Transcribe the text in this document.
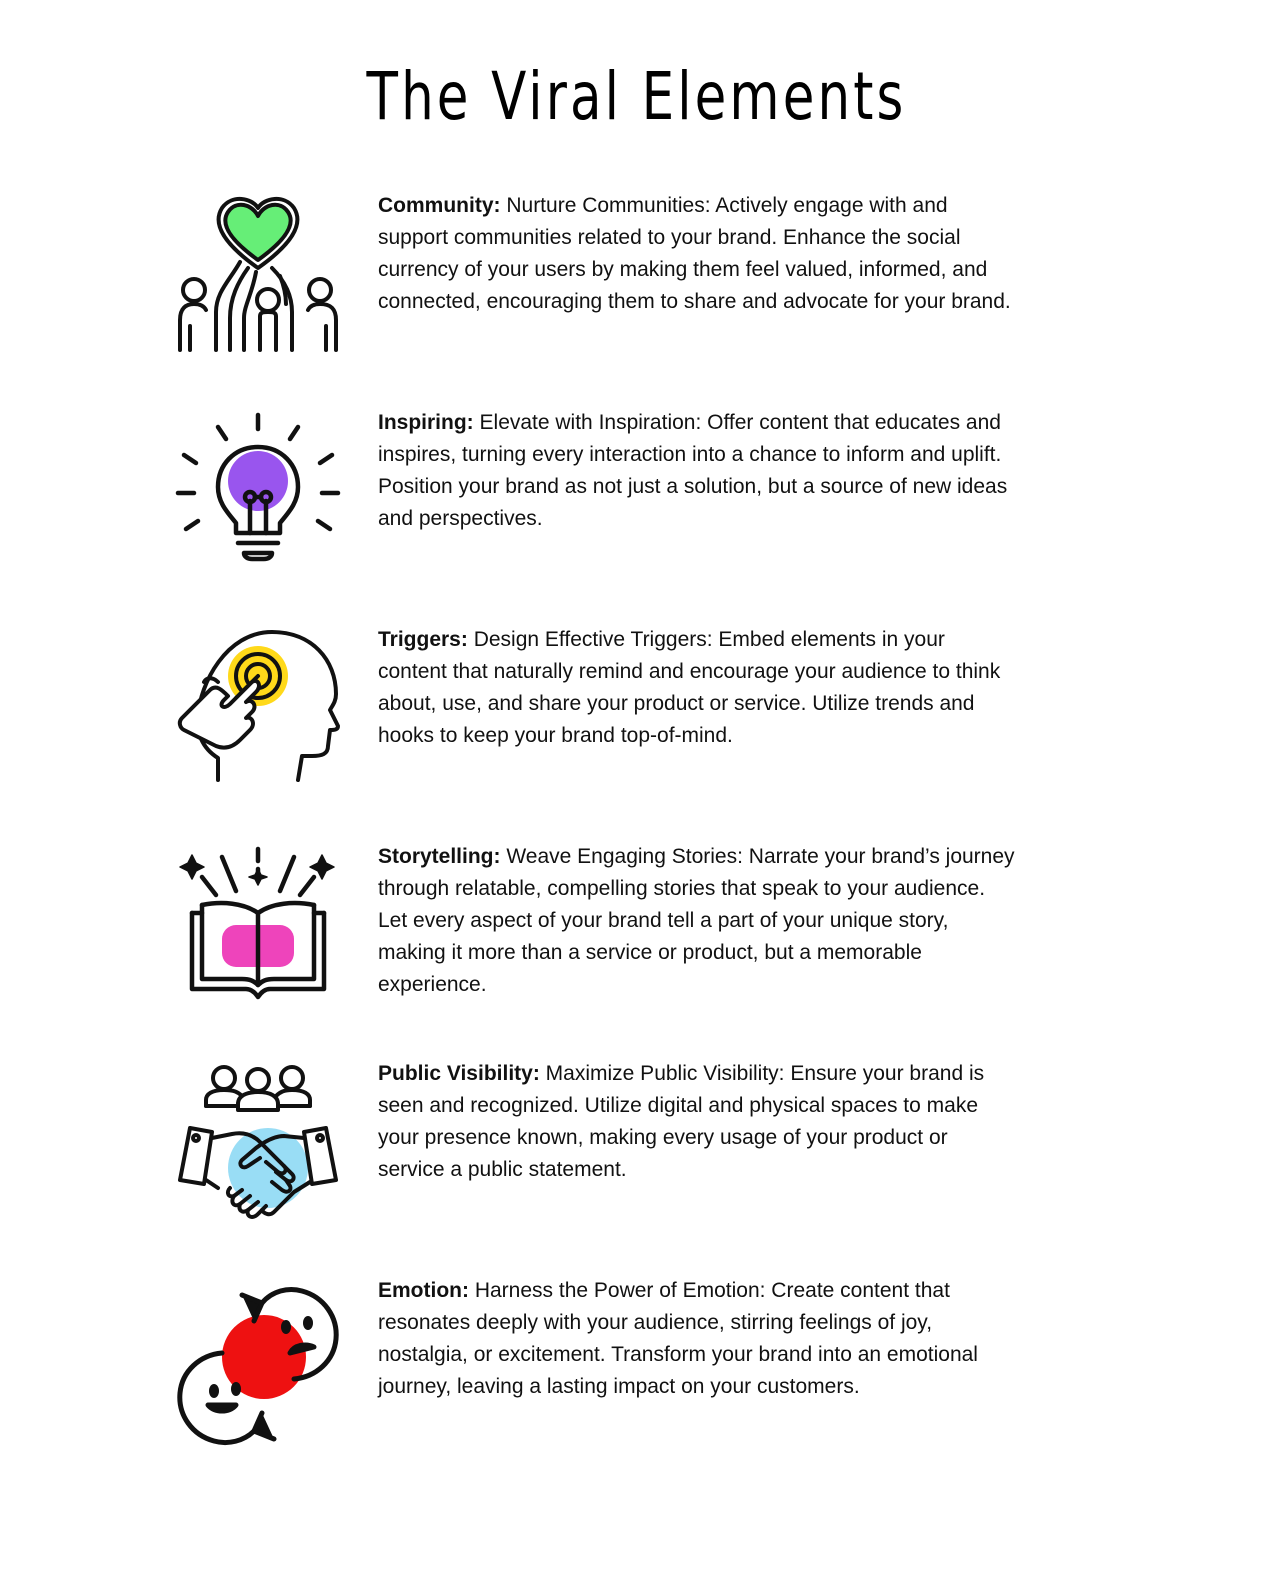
The Viral Elements

Community: Nurture Communities: Actively engage with and support communities related to your brand. Enhance the social currency of your users by making them feel valued, informed, and connected, encouraging them to share and advocate for your brand.

Inspiring: Elevate with Inspiration: Offer content that educates and inspires, turning every interaction into a chance to inform and uplift. Position your brand as not just a solution, but a source of new ideas and perspectives.

Triggers: Design Effective Triggers: Embed elements in your content that naturally remind and encourage your audience to think about, use, and share your product or service. Utilize trends and hooks to keep your brand top-of-mind.

Storytelling: Weave Engaging Stories: Narrate your brand’s journey through relatable, compelling stories that speak to your audience. Let every aspect of your brand tell a part of your unique story, making it more than a service or product, but a memorable experience.

Public Visibility: Maximize Public Visibility: Ensure your brand is seen and recognized. Utilize digital and physical spaces to make your presence known, making every usage of your product or service a public statement.

Emotion: Harness the Power of Emotion: Create content that resonates deeply with your audience, stirring feelings of joy, nostalgia, or excitement. Transform your brand into an emotional journey, leaving a lasting impact on your customers.
